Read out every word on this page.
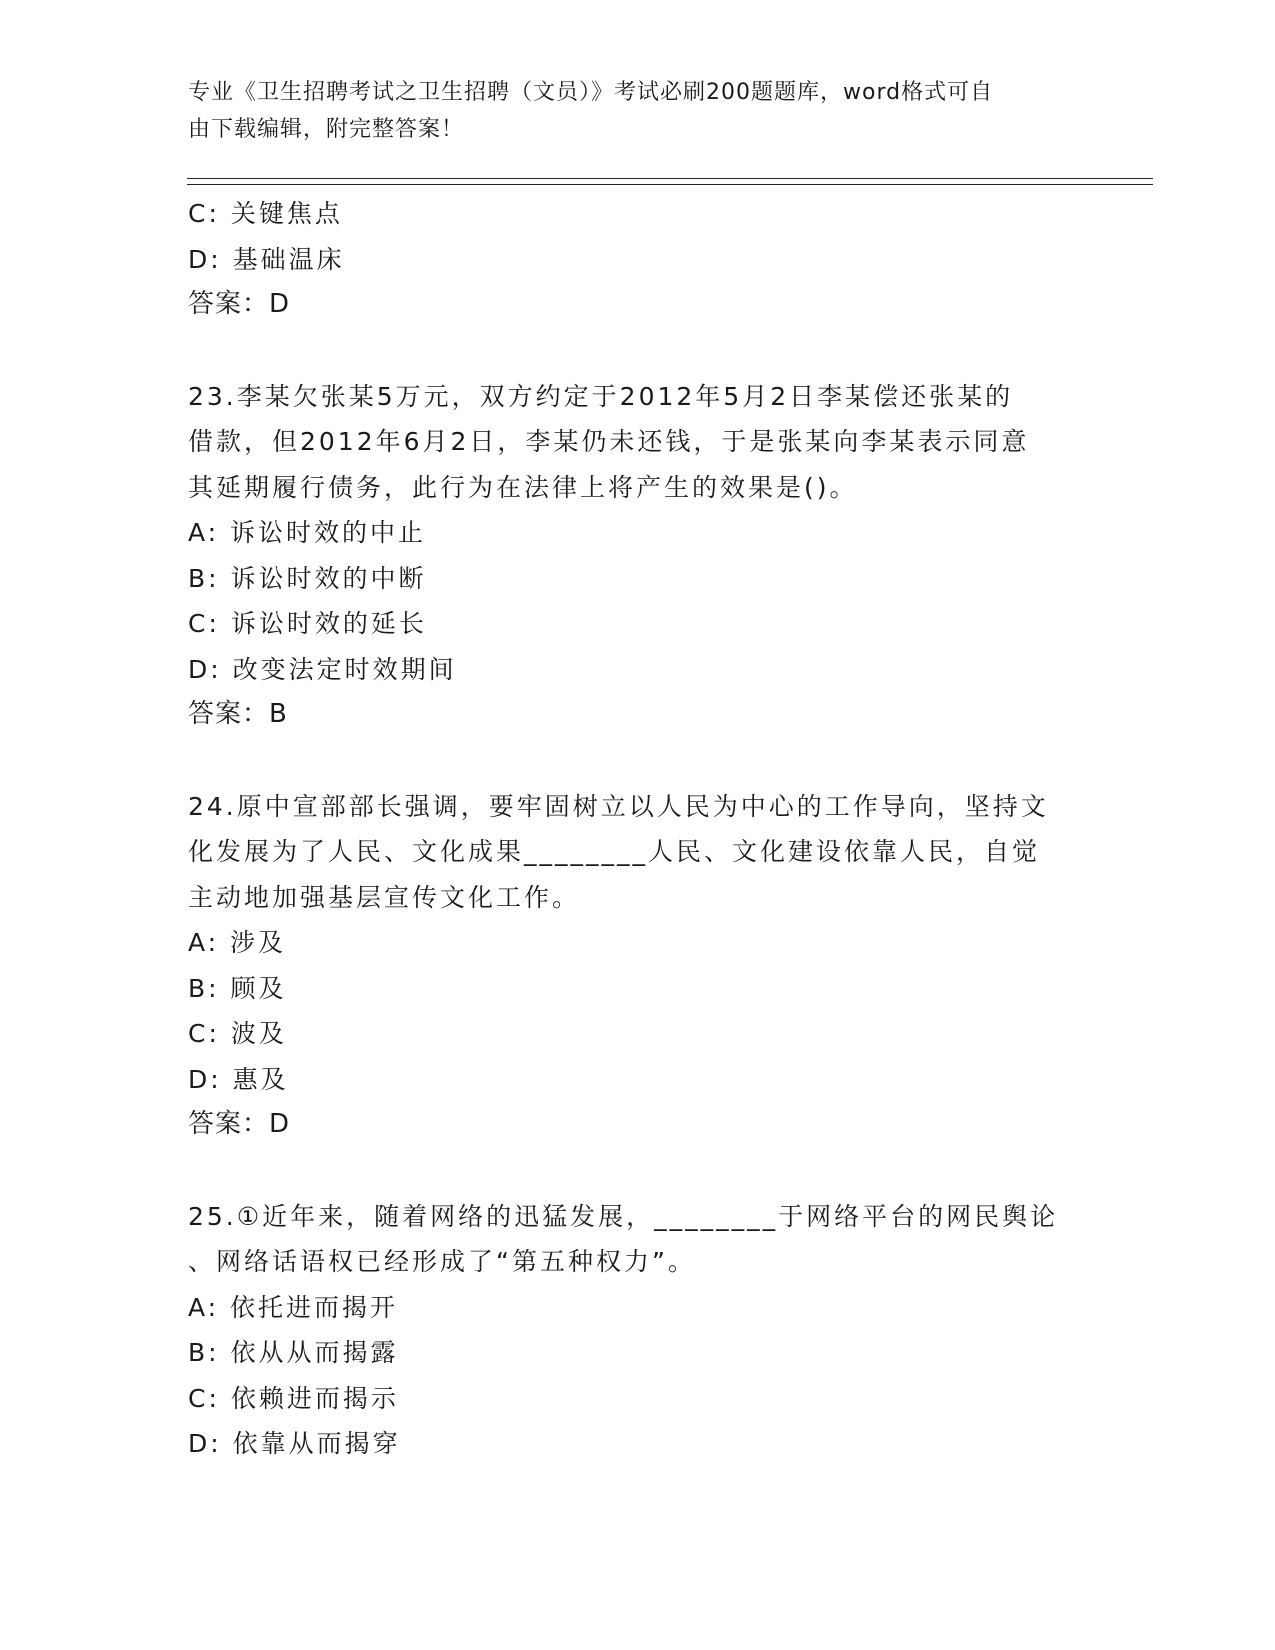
专业《卫生招聘考试之卫生招聘（文员）》考试必刷200题题库，word格式可自
由下载编辑，附完整答案！
C: 关键焦点
D: 基础温床
答案：D
23.李某欠张某5万元，双方约定于2012年5月2日李某偿还张某的
借款，但2012年6月2日，李某仍未还钱，于是张某向李某表示同意
其延期履行债务，此行为在法律上将产生的效果是()。
A: 诉讼时效的中止
B: 诉讼时效的中断
C: 诉讼时效的延长
D: 改变法定时效期间
答案：B
24.原中宣部部长强调，要牢固树立以人民为中心的工作导向，坚持文
化发展为了人民、文化成果________人民、文化建设依靠人民，自觉
主动地加强基层宣传文化工作。
A: 涉及
B: 顾及
C: 波及
D: 惠及
答案：D
25.①近年来，随着网络的迅猛发展，________于网络平台的网民舆论
、网络话语权已经形成了“第五种权力”。
A: 依托进而揭开
B: 依从从而揭露
C: 依赖进而揭示
D: 依靠从而揭穿
